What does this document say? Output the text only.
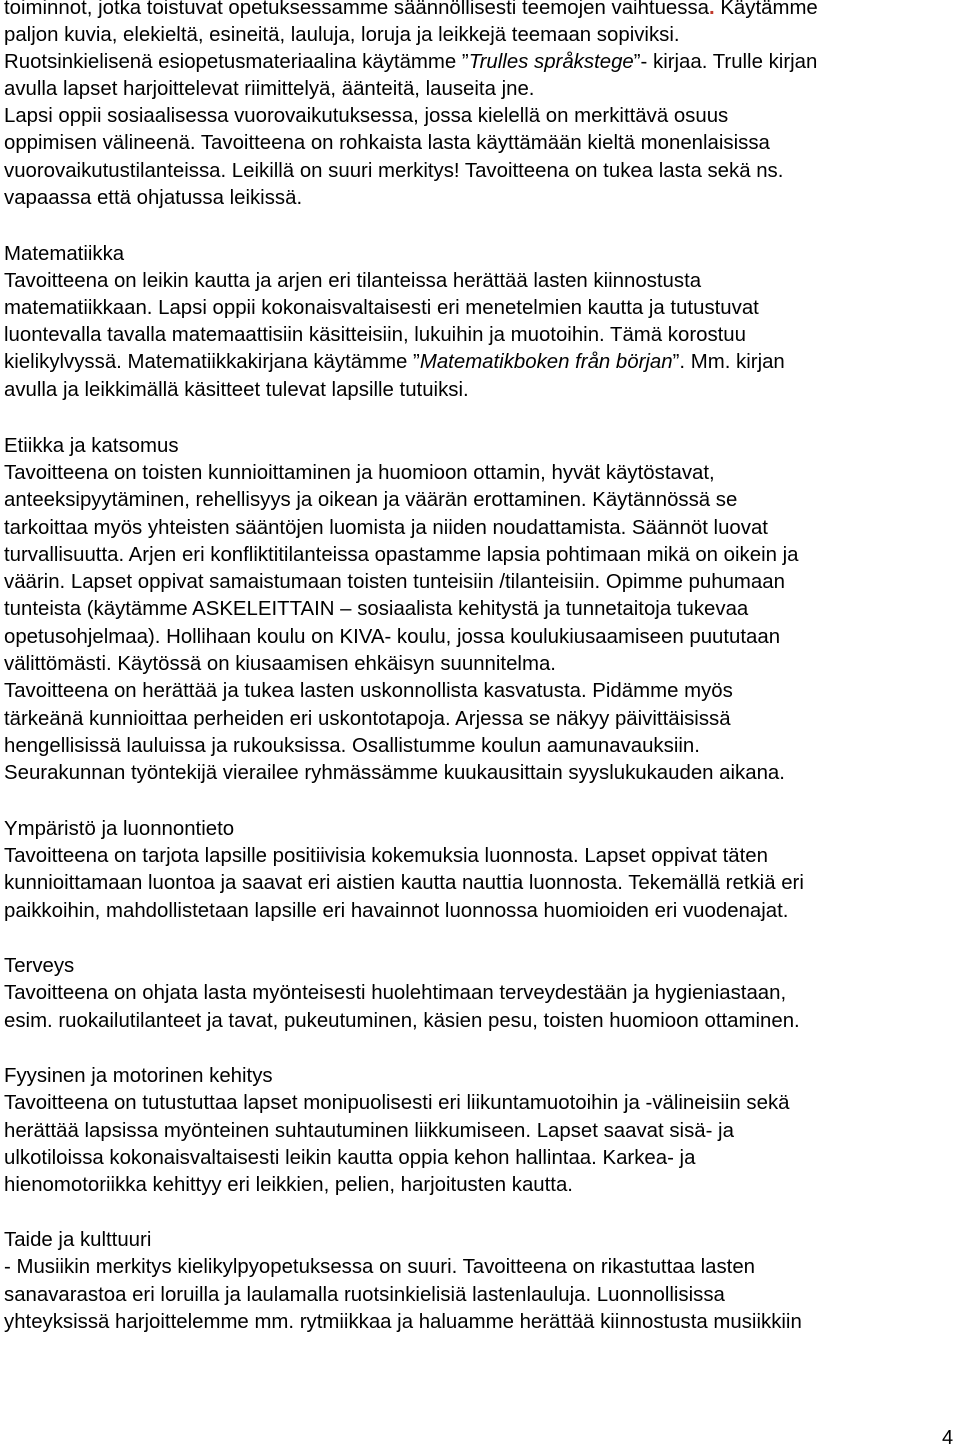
toiminnot, jotka toistuvat opetuksessamme säännöllisesti teemojen vaihtuessa. Käytämme
paljon kuvia, elekieltä, esineitä, lauluja, loruja ja leikkejä teemaan sopiviksi.
Ruotsinkielisenä esiopetusmateriaalina käytämme ”Trulles språkstege”- kirjaa. Trulle kirjan
avulla lapset harjoittelevat riimittelyä, äänteitä, lauseita jne.
Lapsi oppii sosiaalisessa vuorovaikutuksessa, jossa kielellä on merkittävä osuus
oppimisen välineenä. Tavoitteena on rohkaista lasta käyttämään kieltä monenlaisissa
vuorovaikutustilanteissa. Leikillä on suuri merkitys! Tavoitteena on tukea lasta sekä ns.
vapaassa että ohjatussa leikissä.
Matematiikka
Tavoitteena on leikin kautta ja arjen eri tilanteissa herättää lasten kiinnostusta
matematiikkaan. Lapsi oppii kokonaisvaltaisesti eri menetelmien kautta ja tutustuvat
luontevalla tavalla matemaattisiin käsitteisiin, lukuihin ja muotoihin. Tämä korostuu
kielikylvyssä. Matematiikkakirjana käytämme ”Matematikboken från början”. Mm. kirjan
avulla ja leikkimällä käsitteet tulevat lapsille tutuiksi.
Etiikka ja katsomus
Tavoitteena on toisten kunnioittaminen ja huomioon ottamin, hyvät käytöstavat,
anteeksipyytäminen, rehellisyys ja oikean ja väärän erottaminen. Käytännössä se
tarkoittaa myös yhteisten sääntöjen luomista ja niiden noudattamista. Säännöt luovat
turvallisuutta. Arjen eri konfliktitilanteissa opastamme lapsia pohtimaan mikä on oikein ja
väärin. Lapset oppivat samaistumaan toisten tunteisiin /tilanteisiin. Opimme puhumaan
tunteista (käytämme ASKELEITTAIN – sosiaalista kehitystä ja tunnetaitoja tukevaa
opetusohjelmaa). Hollihaan koulu on KIVA- koulu, jossa koulukiusaamiseen puututaan
välittömästi. Käytössä on kiusaamisen ehkäisyn suunnitelma.
Tavoitteena on herättää ja tukea lasten uskonnollista kasvatusta. Pidämme myös
tärkeänä kunnioittaa perheiden eri uskontotapoja. Arjessa se näkyy päivittäisissä
hengellisissä lauluissa ja rukouksissa. Osallistumme koulun aamunavauksiin.
Seurakunnan työntekijä vierailee ryhmässämme kuukausittain syyslukukauden aikana.
Ympäristö ja luonnontieto
Tavoitteena on tarjota lapsille positiivisia kokemuksia luonnosta. Lapset oppivat täten
kunnioittamaan luontoa ja saavat eri aistien kautta nauttia luonnosta. Tekemällä retkiä eri
paikkoihin, mahdollistetaan lapsille eri havainnot luonnossa huomioiden eri vuodenajat.
Terveys
Tavoitteena on ohjata lasta myönteisesti huolehtimaan terveydestään ja hygieniastaan,
esim. ruokailutilanteet ja tavat, pukeutuminen, käsien pesu, toisten huomioon ottaminen.
Fyysinen ja motorinen kehitys
Tavoitteena on tutustuttaa lapset monipuolisesti eri liikuntamuotoihin ja -välineisiin sekä
herättää lapsissa myönteinen suhtautuminen liikkumiseen. Lapset saavat sisä- ja
ulkotiloissa kokonaisvaltaisesti leikin kautta oppia kehon hallintaa. Karkea- ja
hienomotoriikka kehittyy eri leikkien, pelien, harjoitusten kautta.
Taide ja kulttuuri
- Musiikin merkitys kielikylpyopetuksessa on suuri. Tavoitteena on rikastuttaa lasten
sanavarastoa eri loruilla ja laulamalla ruotsinkielisiä lastenlauluja. Luonnollisissa
yhteyksissä harjoittelemme mm. rytmiikkaa ja haluamme herättää kiinnostusta musiikkiin
4
